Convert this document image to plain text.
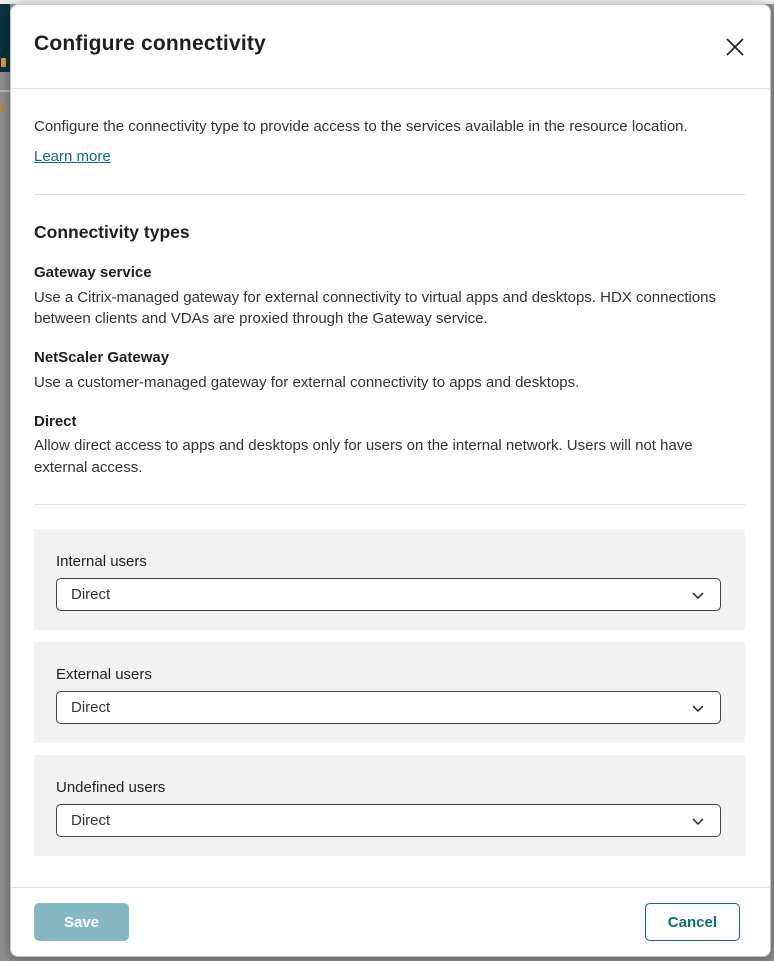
Configure connectivity
Configure the connectivity type to provide access to the services available in the resource location.
Learn more
Connectivity types
Gateway service
Use a Citrix-managed gateway for external connectivity to virtual apps and desktops. HDX connections between clients and VDAs are proxied through the Gateway service.
NetScaler Gateway
Use a customer-managed gateway for external connectivity to apps and desktops.
Direct
Allow direct access to apps and desktops only for users on the internal network. Users will not have external access.
Internal users
Direct
External users
Direct
Undefined users
Direct
Save	Cancel
